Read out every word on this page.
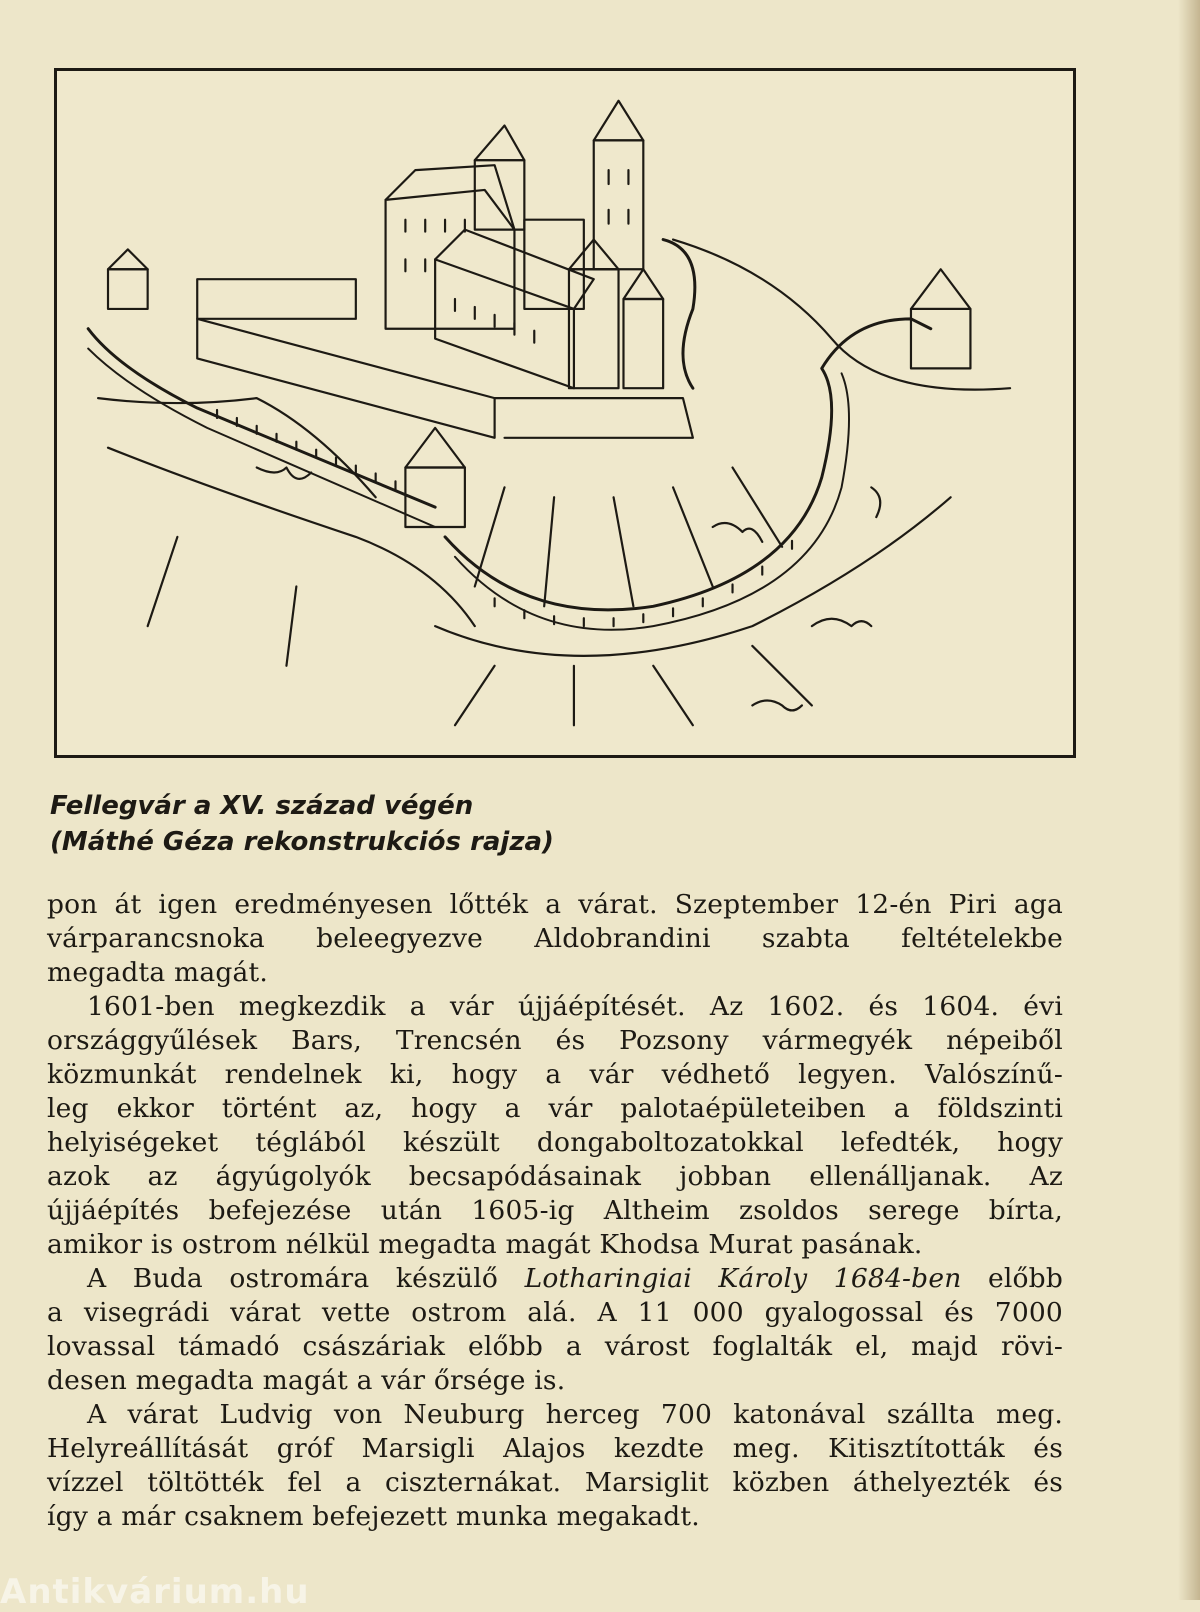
Fellegvár a XV. század végén
(Máthé Géza rekonstrukciós rajza)
pon át igen eredményesen lőtték a várat. Szeptember 12-én Piri aga
várparancsnoka beleegyezve Aldobrandini szabta feltételekbe
megadta magát.
1601-ben megkezdik a vár újjáépítését. Az 1602. és 1604. évi
országgyűlések Bars, Trencsén és Pozsony vármegyék népeiből
közmunkát rendelnek ki, hogy a vár védhető legyen. Valószínű-
leg ekkor történt az, hogy a vár palotaépületeiben a földszinti
helyiségeket téglából készült dongaboltozatokkal lefedték, hogy
azok az ágyúgolyók becsapódásainak jobban ellenálljanak. Az
újjáépítés befejezése után 1605-ig Altheim zsoldos serege bírta,
amikor is ostrom nélkül megadta magát Khodsa Murat pasának.
A Buda ostromára készülő Lotharingiai Károly 1684-ben előbb
a visegrádi várat vette ostrom alá. A 11 000 gyalogossal és 7000
lovassal támadó császáriak előbb a várost foglalták el, majd rövi-
desen megadta magát a vár őrsége is.
A várat Ludvig von Neuburg herceg 700 katonával szállta meg.
Helyreállítását gróf Marsigli Alajos kezdte meg. Kitisztították és
vízzel töltötték fel a ciszternákat. Marsiglit közben áthelyezték és
így a már csaknem befejezett munka megakadt.
Antikvárium.hu
